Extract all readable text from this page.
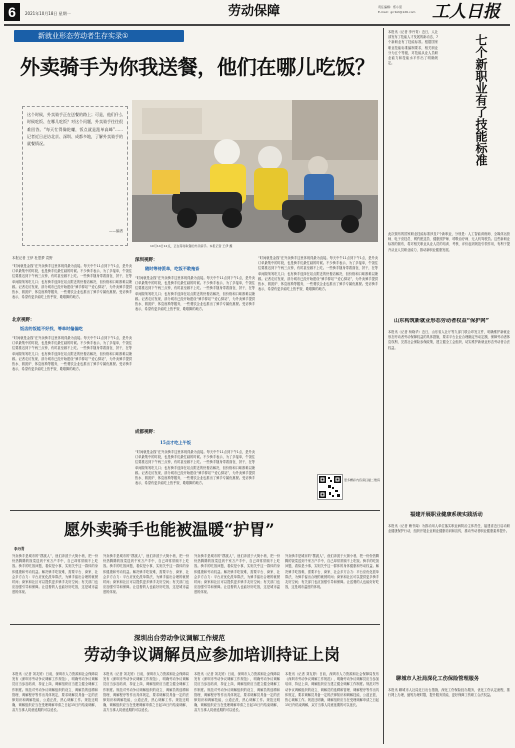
6	2021年10月18日 星期一	劳动保障	责任编辑：郑小茹
E-mail：grrbld@126.com 工人日报
新就业形态劳动者生存实录①
外卖骑手为你我送餐，他们在哪儿吃饭？
这个时候，外卖骑手正在送餐的路上；可是，他们什么时候吃饭、在哪儿吃饭？对这个问题，外卖骑手往往很难回答。“每天忙得像陀螺，饭点就是派单高峰”……记者近日走访北京、深圳、成都多地，了解外卖骑手的就餐情况。
——编者
10月14日12点，正在等待取餐的外卖骑手。本报记者 王伊 摄
本报记者 王伊 杜思梦 袁野
“时间就是金钱”在外卖骑手这里体现得最为直接。每天中午11点到下午1点，是外卖订单最集中的时段，也是骑手们最忙碌的时候。不少骑手表示，为了多接单，午饭往往要推迟到下午两三点钟，有时甚至顾不上吃。一些骑手随身带着面包、饼干，在等单间隙匆匆吃几口；也有骑手选择在站点附近的快餐店解决，但价格和口味都难以兼顾。记者走访发现，部分城市已经开始建设“骑手驿站”“爱心驿站”，为外卖骑手提供热水、微波炉、休息座椅等服务，一些餐饮企业也推出了骑手专属优惠餐。受访骑手表示，希望有更多能吃上热乎饭、歇歇脚的地方。
北京视野：
饭店的饭能不好找，等单时偏偏吃
“时间就是金钱”在外卖骑手这里体现得最为直接。每天中午11点到下午1点，是外卖订单最集中的时段，也是骑手们最忙碌的时候。不少骑手表示，为了多接单，午饭往往要推迟到下午两三点钟，有时甚至顾不上吃。一些骑手随身带着面包、饼干，在等单间隙匆匆吃几口；也有骑手选择在站点附近的快餐店解决，但价格和口味都难以兼顾。记者走访发现，部分城市已经开始建设“骑手驿站”“爱心驿站”，为外卖骑手提供热水、微波炉、休息座椅等服务，一些餐饮企业也推出了骑手专属优惠餐。受访骑手表示，希望有更多能吃上热乎饭、歇歇脚的地方。
深圳视野：
随时等待派单，吃饭不敢拖沓
“时间就是金钱”在外卖骑手这里体现得最为直接。每天中午11点到下午1点，是外卖订单最集中的时段，也是骑手们最忙碌的时候。不少骑手表示，为了多接单，午饭往往要推迟到下午两三点钟，有时甚至顾不上吃。一些骑手随身带着面包、饼干，在等单间隙匆匆吃几口；也有骑手选择在站点附近的快餐店解决，但价格和口味都难以兼顾。记者走访发现，部分城市已经开始建设“骑手驿站”“爱心驿站”，为外卖骑手提供热水、微波炉、休息座椅等服务，一些餐饮企业也推出了骑手专属优惠餐。受访骑手表示，希望有更多能吃上热乎饭、歇歇脚的地方。
成都视野：
15点才吃上午饭
“时间就是金钱”在外卖骑手这里体现得最为直接。每天中午11点到下午1点，是外卖订单最集中的时段，也是骑手们最忙碌的时候。不少骑手表示，为了多接单，午饭往往要推迟到下午两三点钟，有时甚至顾不上吃。一些骑手随身带着面包、饼干，在等单间隙匆匆吃几口；也有骑手选择在站点附近的快餐店解决，但价格和口味都难以兼顾。记者走访发现，部分城市已经开始建设“骑手驿站”“爱心驿站”，为外卖骑手提供热水、微波炉、休息座椅等服务，一些餐饮企业也推出了骑手专属优惠餐。受访骑手表示，希望有更多能吃上热乎饭、歇歇脚的地方。
“时间就是金钱”在外卖骑手这里体现得最为直接。每天中午11点到下午1点，是外卖订单最集中的时段，也是骑手们最忙碌的时候。不少骑手表示，为了多接单，午饭往往要推迟到下午两三点钟，有时甚至顾不上吃。一些骑手随身带着面包、饼干，在等单间隙匆匆吃几口；也有骑手选择在站点附近的快餐店解决，但价格和口味都难以兼顾。记者走访发现，部分城市已经开始建设“骑手驿站”“爱心驿站”，为外卖骑手提供热水、微波炉、休息座椅等服务，一些餐饮企业也推出了骑手专属优惠餐。受访骑手表示，希望有更多能吃上热乎饭、歇歇脚的地方。
更多精彩内容请扫描二维码
愿外卖骑手也能被温暖“护胃”
李丹青
外卖骑手是城市的“摆渡人”，他们奔波于大街小巷，把一份份热腾腾的饭菜送到千家万户手中，自己却常常顾不上吃饭。骑手的吃饭问题，看似是小事，实则关乎这一群体的身体健康和劳动权益。解决骑手吃饭难，需要平台、商家、社会多方合力：平台应优化派单算法，为骑手留出合理的就餐时间；商家和社区可以提供更多骑手友好空间；有关部门也应加强引导和保障。让送餐的人也能好好吃饭，这是城市温度的体现。
外卖骑手是城市的“摆渡人”，他们奔波于大街小巷，把一份份热腾腾的饭菜送到千家万户手中，自己却常常顾不上吃饭。骑手的吃饭问题，看似是小事，实则关乎这一群体的身体健康和劳动权益。解决骑手吃饭难，需要平台、商家、社会多方合力：平台应优化派单算法，为骑手留出合理的就餐时间；商家和社区可以提供更多骑手友好空间；有关部门也应加强引导和保障。让送餐的人也能好好吃饭，这是城市温度的体现。
外卖骑手是城市的“摆渡人”，他们奔波于大街小巷，把一份份热腾腾的饭菜送到千家万户手中，自己却常常顾不上吃饭。骑手的吃饭问题，看似是小事，实则关乎这一群体的身体健康和劳动权益。解决骑手吃饭难，需要平台、商家、社会多方合力：平台应优化派单算法，为骑手留出合理的就餐时间；商家和社区可以提供更多骑手友好空间；有关部门也应加强引导和保障。让送餐的人也能好好吃饭，这是城市温度的体现。
外卖骑手是城市的“摆渡人”，他们奔波于大街小巷，把一份份热腾腾的饭菜送到千家万户手中，自己却常常顾不上吃饭。骑手的吃饭问题，看似是小事，实则关乎这一群体的身体健康和劳动权益。解决骑手吃饭难，需要平台、商家、社会多方合力：平台应优化派单算法，为骑手留出合理的就餐时间；商家和社区可以提供更多骑手友好空间；有关部门也应加强引导和保障。让送餐的人也能好好吃饭，这是城市温度的体现。
深圳出台劳动争议调解工作规范
劳动争议调解员应参加培训持证上岗
本报讯（记者 刘友婷）日前，深圳市人力资源和社会保障局发布《深圳市劳动争议调解工作规范》，明确劳动争议调解员应当参加培训、持证上岗，调解组织应当建立健全调解工作制度。规范对劳动争议调解组织的设立、调解员的选聘和管理、调解程序等作出具体规定，要求调解员具备一定的法律知识和调解技能，公道正派，热心调解工作。规范还明确，调解组织应当在受理调解申请之日起15日内结束调解，双方当事人同意延期的可以延长。
本报讯（记者 刘友婷）日前，深圳市人力资源和社会保障局发布《深圳市劳动争议调解工作规范》，明确劳动争议调解员应当参加培训、持证上岗，调解组织应当建立健全调解工作制度。规范对劳动争议调解组织的设立、调解员的选聘和管理、调解程序等作出具体规定，要求调解员具备一定的法律知识和调解技能，公道正派，热心调解工作。规范还明确，调解组织应当在受理调解申请之日起15日内结束调解，双方当事人同意延期的可以延长。
本报讯（记者 刘友婷）日前，深圳市人力资源和社会保障局发布《深圳市劳动争议调解工作规范》，明确劳动争议调解员应当参加培训、持证上岗，调解组织应当建立健全调解工作制度。规范对劳动争议调解组织的设立、调解员的选聘和管理、调解程序等作出具体规定，要求调解员具备一定的法律知识和调解技能，公道正派，热心调解工作。规范还明确，调解组织应当在受理调解申请之日起15日内结束调解，双方当事人同意延期的可以延长。
本报讯（记者 刘友婷）日前，深圳市人力资源和社会保障局发布《深圳市劳动争议调解工作规范》，明确劳动争议调解员应当参加培训、持证上岗，调解组织应当建立健全调解工作制度。规范对劳动争议调解组织的设立、调解员的选聘和管理、调解程序等作出具体规定，要求调解员具备一定的法律知识和调解技能，公道正派，热心调解工作。规范还明确，调解组织应当在受理调解申请之日起15日内结束调解，双方当事人同意延期的可以延长。
本报讯（记者 李丹青）近日，人社部发布了技能人才发展的新动态，7个新职业有了技能标准。根据国家职业技能标准编制要求，相关职业分为五个等级，对技能从业人员职业能力和技能水平作出了明确规定。
此次颁布的国家职业技能标准涉及7个新职业，分别是：人工智能训练师、全媒体运营师、电子竞技员、网约配送员、健康照护师、呼吸治疗师、无人机驾驶员。这些新职业标准的颁布，将对相关职业从业人员的培训、考核、评价起到规范引领作用，有利于提升从业人员职业能力，推动新职业健康发展。
七个新职业有了技能标准
山东构筑新就业形态劳动者权益“保护网”
本报讯（记者 杨晓华）近日，山东省人社厅等九部门联合印发文件，明确维护新就业形态劳动者劳动保障权益的具体措施，要求平台企业合理确定劳动定额，保障劳动者休息权利，完善社会保险参保政策，建立健全工会组织，切实维护新就业形态劳动者合法权益。
福建开展职业健康系统实践活动
本报讯（记者 赖书闻）为推动用人单位落实职业病防治主体责任，福建省近日启动职业健康保护行动，组织开展企业职业健康培训和宣传，推动劳动者职业健康素养提升。
聊城市人社局深化工伤保险管理服务
本报讯 聊城市人社局近日出台措施，深化工伤保险经办服务，优化工伤认定流程，推行网上办理，缩短办理时限，提升服务效能，更好保障工伤职工合法权益。
